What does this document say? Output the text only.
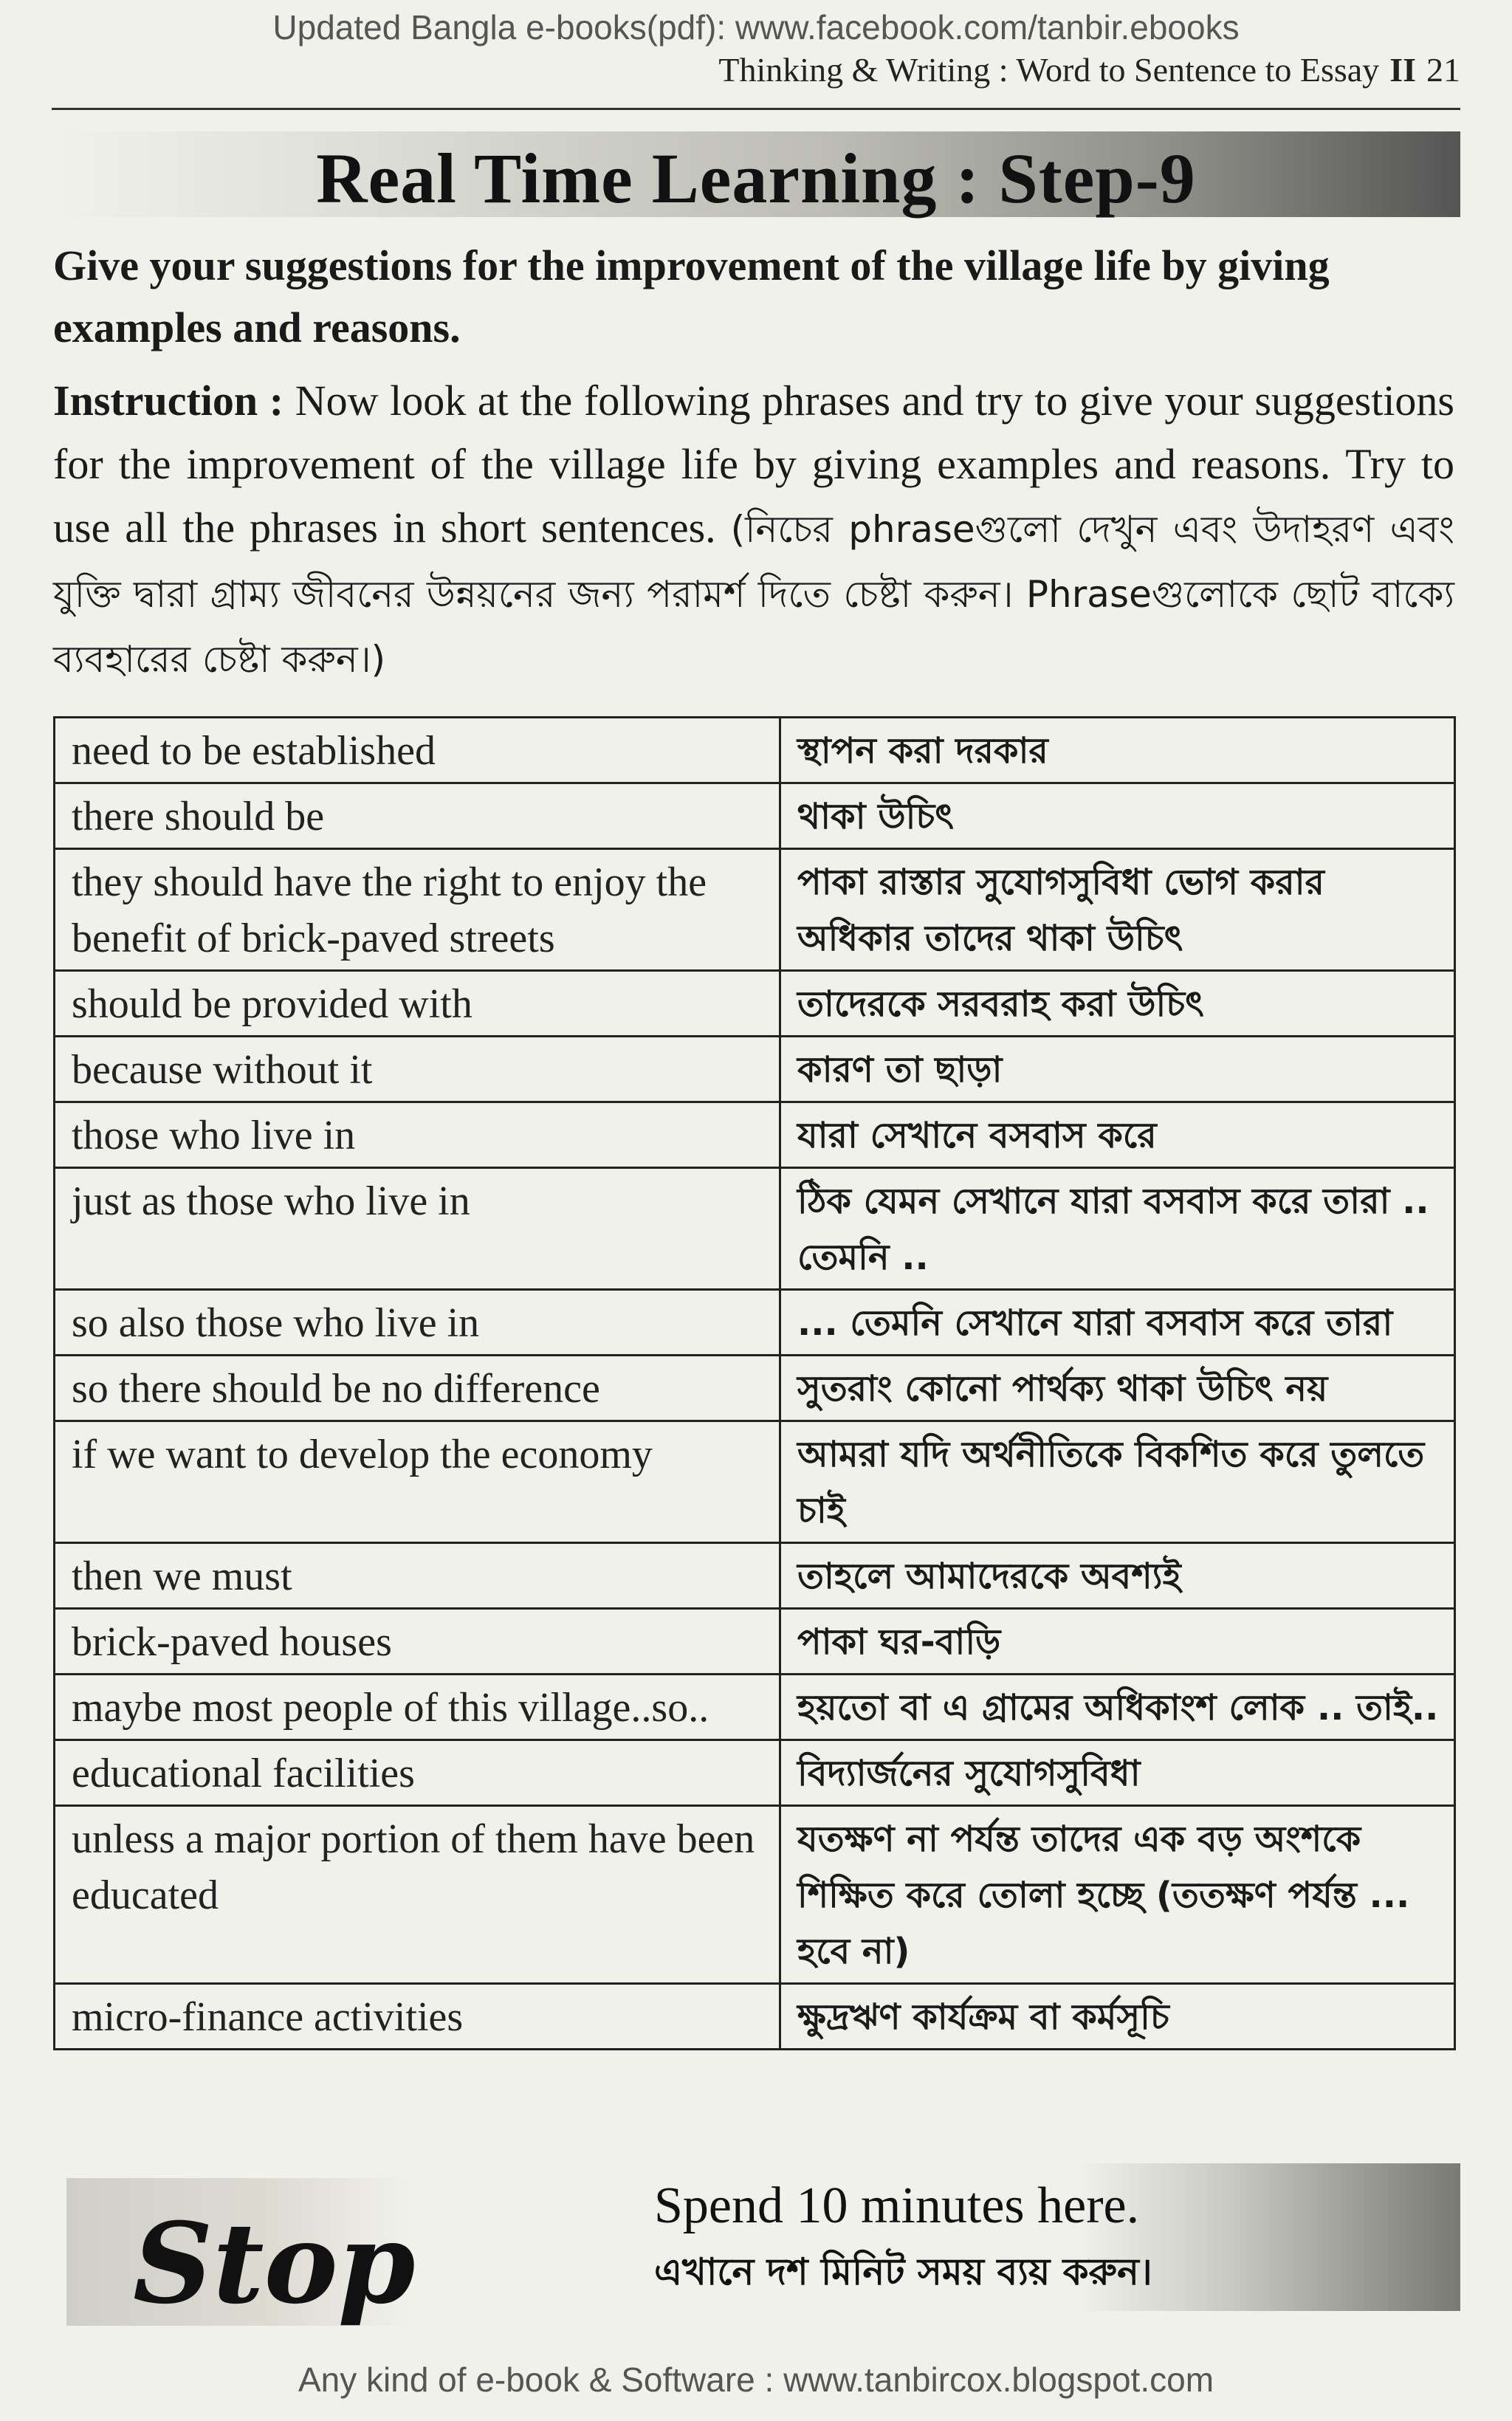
Updated Bangla e-books(pdf): www.facebook.com/tanbir.ebooks
Thinking & Writing : Word to Sentence to Essay II 21
Real Time Learning : Step-9
Give your suggestions for the improvement of the village life by giving examples and reasons.
Instruction : Now look at the following phrases and try to give your suggestions for the improvement of the village life by giving examples and reasons. Try to use all the phrases in short sentences. (নিচের phraseগুলো দেখুন এবং উদাহরণ এবং যুক্তি দ্বারা গ্রাম্য জীবনের উন্নয়নের জন্য পরামর্শ দিতে চেষ্টা করুন। Phraseগুলোকে ছোট বাক্যে ব্যবহারের চেষ্টা করুন।)
need to be established	স্থাপন করা দরকার
there should be	থাকা উচিৎ
they should have the right to enjoy the benefit of brick-paved streets	পাকা রাস্তার সুযোগসুবিধা ভোগ করার অধিকার তাদের থাকা উচিৎ
should be provided with	তাদেরকে সরবরাহ করা উচিৎ
because without it	কারণ তা ছাড়া
those who live in	যারা সেখানে বসবাস করে
just as those who live in	ঠিক যেমন সেখানে যারা বসবাস করে তারা .. তেমনি ..
so also those who live in	... তেমনি সেখানে যারা বসবাস করে তারা
so there should be no difference	সুতরাং কোনো পার্থক্য থাকা উচিৎ নয়
if we want to develop the economy	আমরা যদি অর্থনীতিকে বিকশিত করে তুলতে চাই
then we must	তাহলে আমাদেরকে অবশ্যই
brick-paved houses	পাকা ঘর-বাড়ি
maybe most people of this village..so..	হয়তো বা এ গ্রামের অধিকাংশ লোক .. তাই..
educational facilities	বিদ্যার্জনের সুযোগসুবিধা
unless a major portion of them have been educated	যতক্ষণ না পর্যন্ত তাদের এক বড় অংশকে শিক্ষিত করে তোলা হচ্ছে (ততক্ষণ পর্যন্ত ... হবে না)
micro-finance activities	ক্ষুদ্রঋণ কার্যক্রম বা কর্মসূচি
Stop	Spend 10 minutes here.
এখানে দশ মিনিট সময় ব্যয় করুন।
Any kind of e-book & Software : www.tanbircox.blogspot.com
